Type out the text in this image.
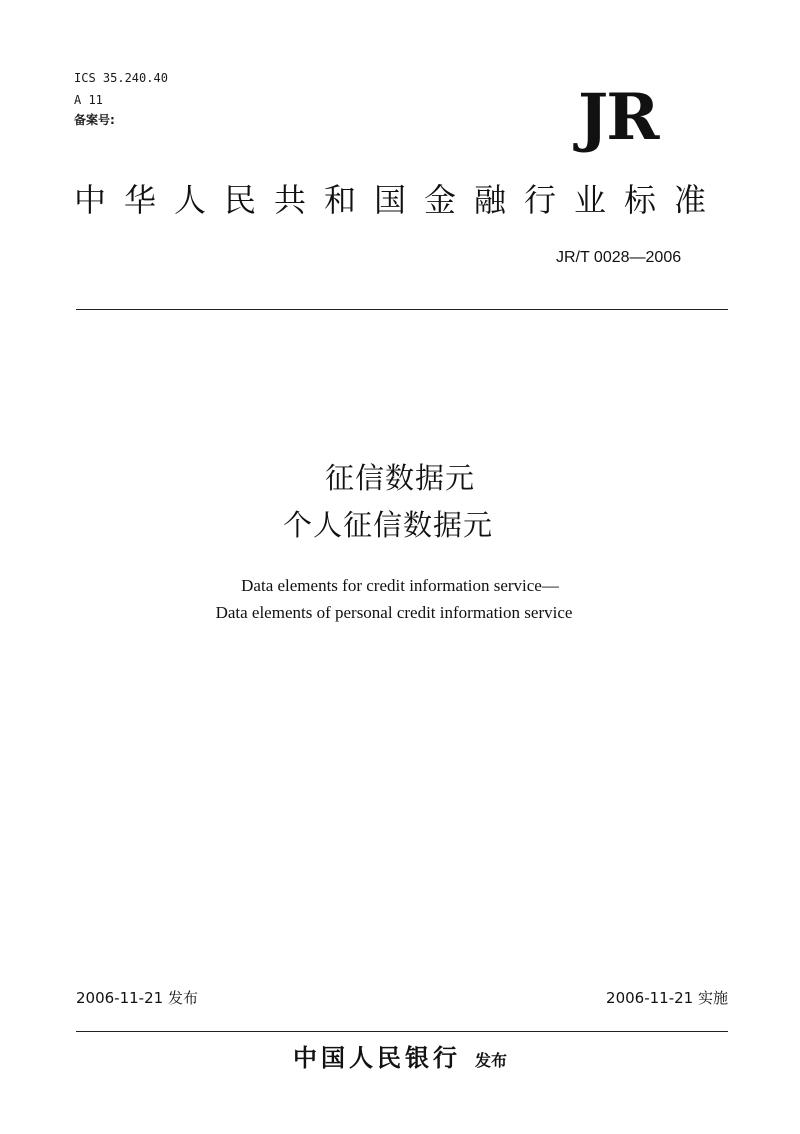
ICS 35.240.40
A 11
备案号:	JR
中华人民共和国金融行业标准
JR/T 0028—2006
征信数据元
个人征信数据元
Data elements for credit information service—
Data elements of personal credit information service
2006-11-21 发布	2006-11-21 实施
中国人民银行 发布
